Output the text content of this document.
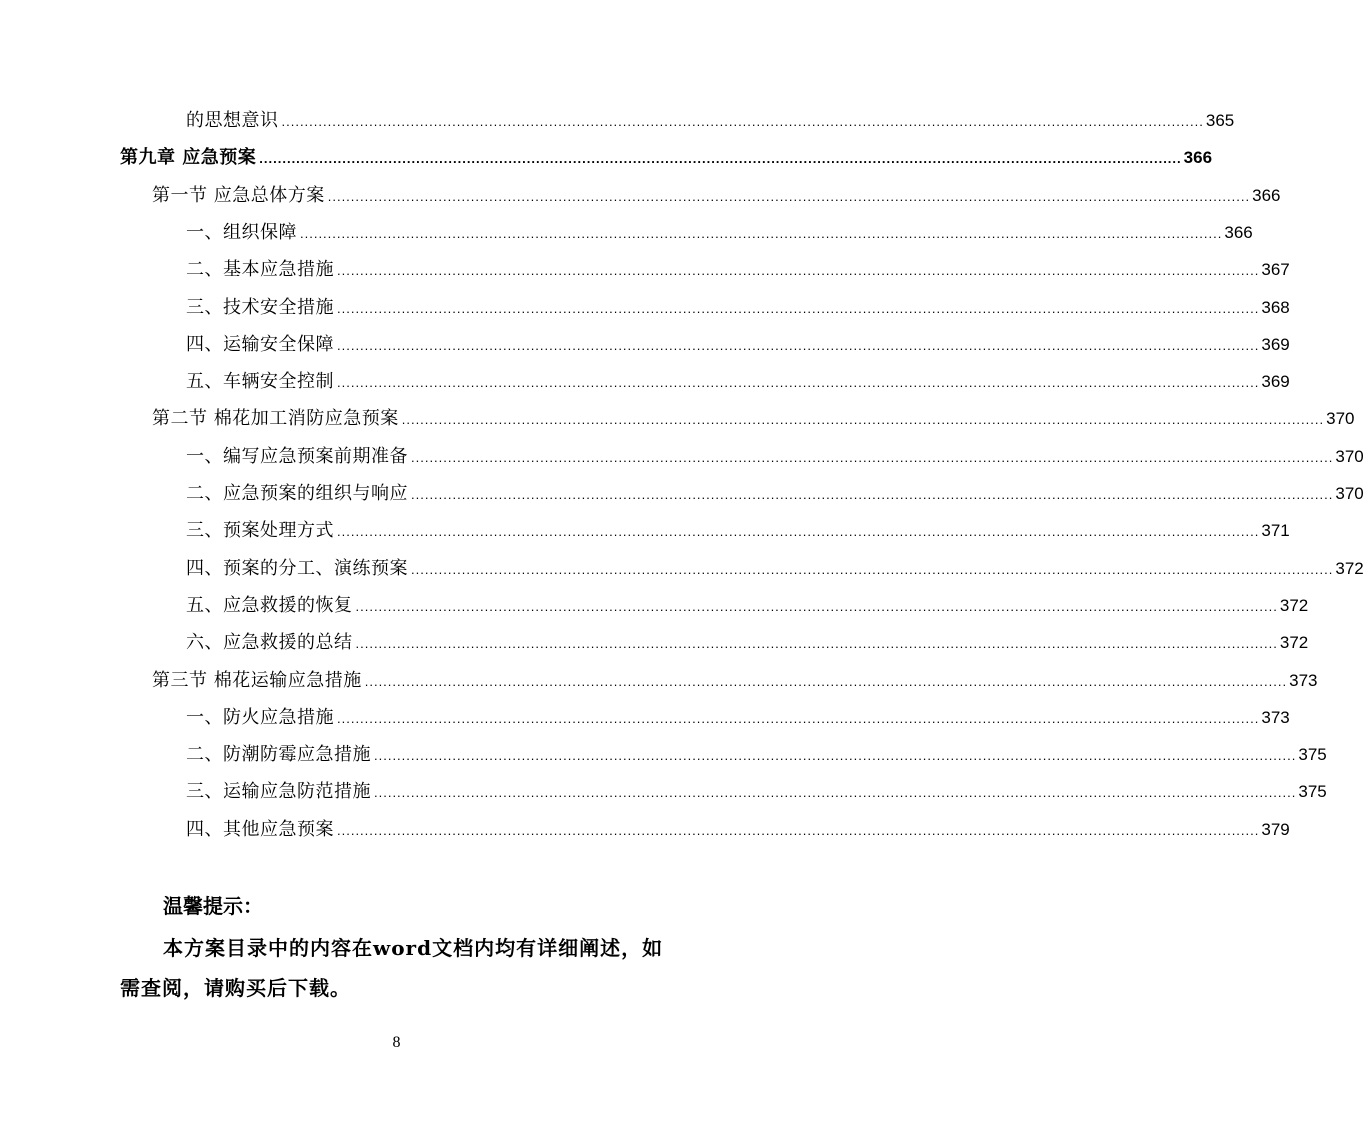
的思想意识 ........................................................................................................................................................................................................ 365
第九章 应急预案 ........................................................................................................................................................................................................ 366
第一节 应急总体方案 ........................................................................................................................................................................................................ 366
一、组织保障 ........................................................................................................................................................................................................ 366
二、基本应急措施 ........................................................................................................................................................................................................ 367
三、技术安全措施 ........................................................................................................................................................................................................ 368
四、运输安全保障 ........................................................................................................................................................................................................ 369
五、车辆安全控制 ........................................................................................................................................................................................................ 369
第二节 棉花加工消防应急预案 ........................................................................................................................................................................................................ 370
一、编写应急预案前期准备 ........................................................................................................................................................................................................ 370
二、应急预案的组织与响应 ........................................................................................................................................................................................................ 370
三、预案处理方式 ........................................................................................................................................................................................................ 371
四、预案的分工、演练预案 ........................................................................................................................................................................................................ 372
五、应急救援的恢复 ........................................................................................................................................................................................................ 372
六、应急救援的总结 ........................................................................................................................................................................................................ 372
第三节 棉花运输应急措施 ........................................................................................................................................................................................................ 373
一、防火应急措施 ........................................................................................................................................................................................................ 373
二、防潮防霉应急措施 ........................................................................................................................................................................................................ 375
三、运输应急防范措施 ........................................................................................................................................................................................................ 375
四、其他应急预案 ........................................................................................................................................................................................................ 379
温馨提示：
本方案目录中的内容在word文档内均有详细阐述，如需查阅，请购买后下载。
8
